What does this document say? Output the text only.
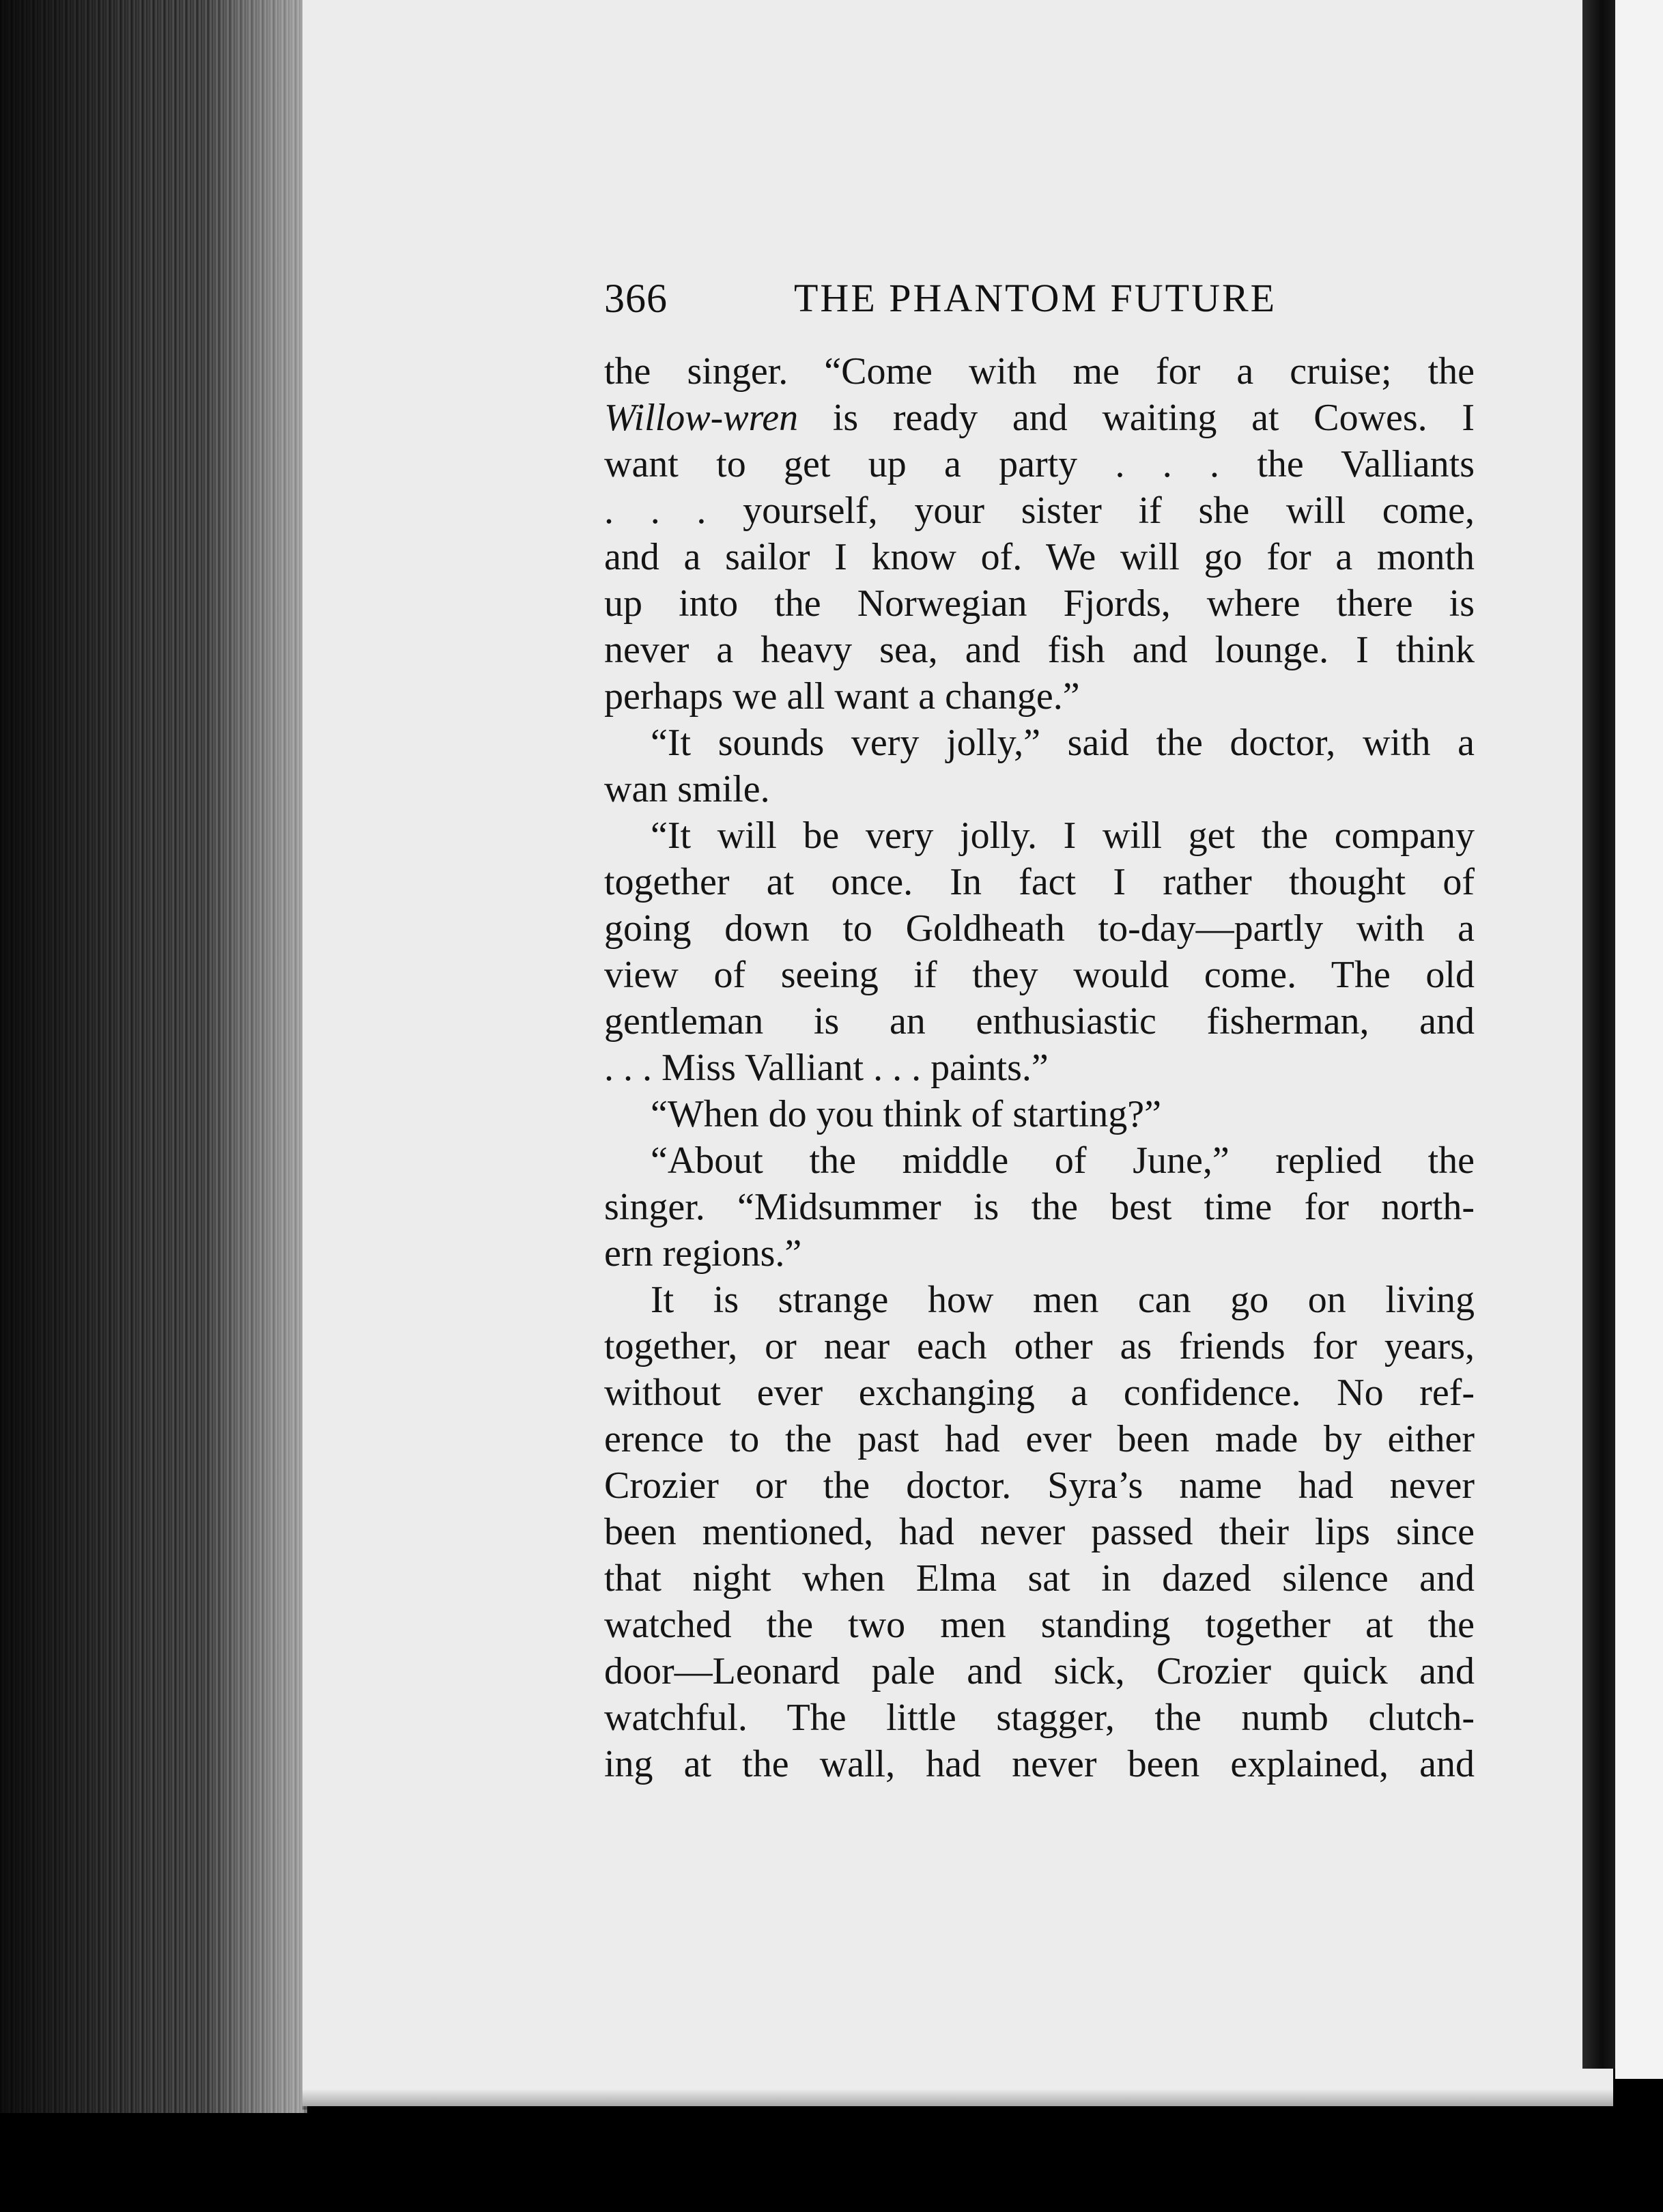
366	THE PHANTOM FUTURE
the singer. “Come with me for a cruise; the
Willow-wren is ready and waiting at Cowes. I
want to get up a party . . . the Valliants
. . . yourself, your sister if she will come,
and a sailor I know of. We will go for a month
up into the Norwegian Fjords, where there is
never a heavy sea, and fish and lounge. I think
perhaps we all want a change.”
“It sounds very jolly,” said the doctor, with a
wan smile.
“It will be very jolly. I will get the company
together at once. In fact I rather thought of
going down to Goldheath to-day—partly with a
view of seeing if they would come. The old
gentleman is an enthusiastic fisherman, and
. . . Miss Valliant . . . paints.”
“When do you think of starting?”
“About the middle of June,” replied the
singer. “Midsummer is the best time for north-
ern regions.”
It is strange how men can go on living
together, or near each other as friends for years,
without ever exchanging a confidence. No ref-
erence to the past had ever been made by either
Crozier or the doctor. Syra’s name had never
been mentioned, had never passed their lips since
that night when Elma sat in dazed silence and
watched the two men standing together at the
door—Leonard pale and sick, Crozier quick and
watchful. The little stagger, the numb clutch-
ing at the wall, had never been explained, and
